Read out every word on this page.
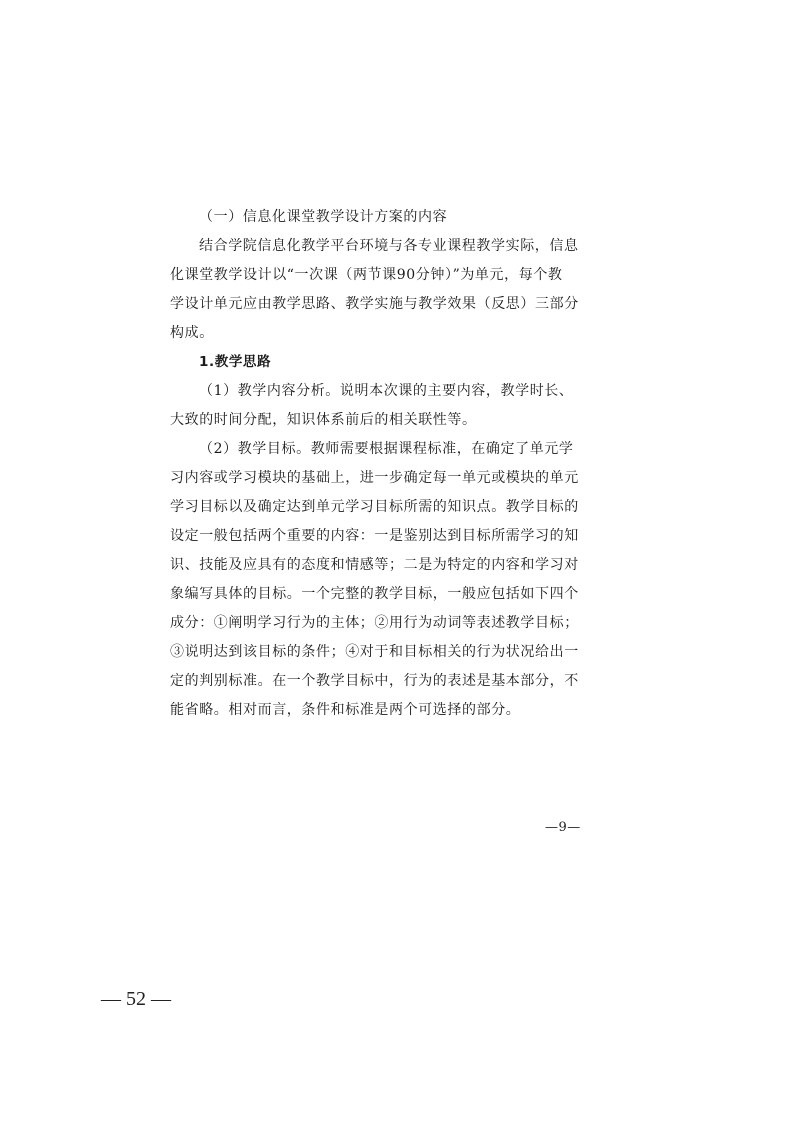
（一）信息化课堂教学设计方案的内容
结合学院信息化教学平台环境与各专业课程教学实际，信息
化课堂教学设计以“一次课（两节课90分钟）”为单元，每个教
学设计单元应由教学思路、教学实施与教学效果（反思）三部分
构成。
1.教学思路
（1）教学内容分析。说明本次课的主要内容，教学时长、
大致的时间分配，知识体系前后的相关联性等。
（2）教学目标。教师需要根据课程标准，在确定了单元学
习内容或学习模块的基础上，进一步确定每一单元或模块的单元
学习目标以及确定达到单元学习目标所需的知识点。教学目标的
设定一般包括两个重要的内容：一是鉴别达到目标所需学习的知
识、技能及应具有的态度和情感等；二是为特定的内容和学习对
象编写具体的目标。一个完整的教学目标，一般应包括如下四个
成分：①阐明学习行为的主体；②用行为动词等表述教学目标；
③说明达到该目标的条件；④对于和目标相关的行为状况给出一
定的判别标准。在一个教学目标中，行为的表述是基本部分，不
能省略。相对而言，条件和标准是两个可选择的部分。
—9—
— 52 —
